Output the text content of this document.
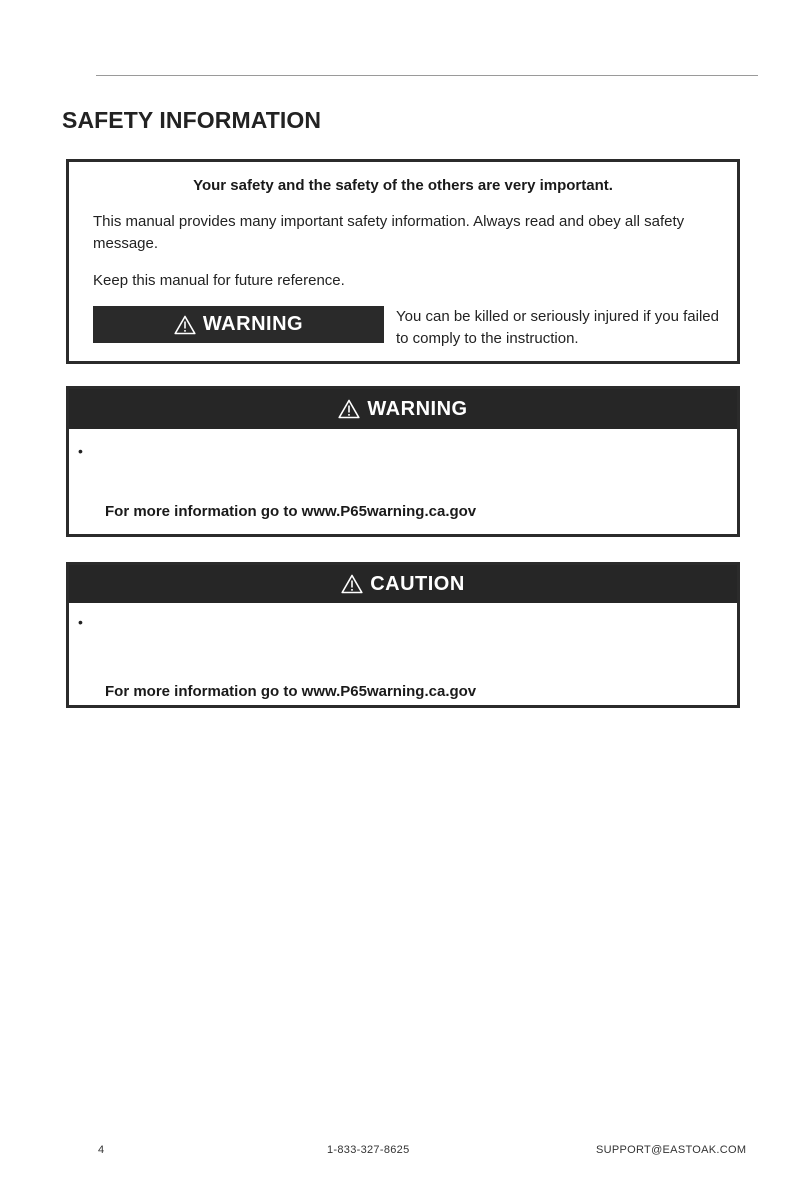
SAFETY INFORMATION
Your safety and the safety of the others are very important.
This manual provides many important safety information. Always read and obey all safety message.
Keep this manual for future reference.
WARNING	You can be killed or seriously injured if you failed to comply to the instruction.
WARNING
•
For more information go to www.P65warning.ca.gov
CAUTION
•
For more information go to www.P65warning.ca.gov
4	1-833-327-8625	SUPPORT@EASTOAK.COM
